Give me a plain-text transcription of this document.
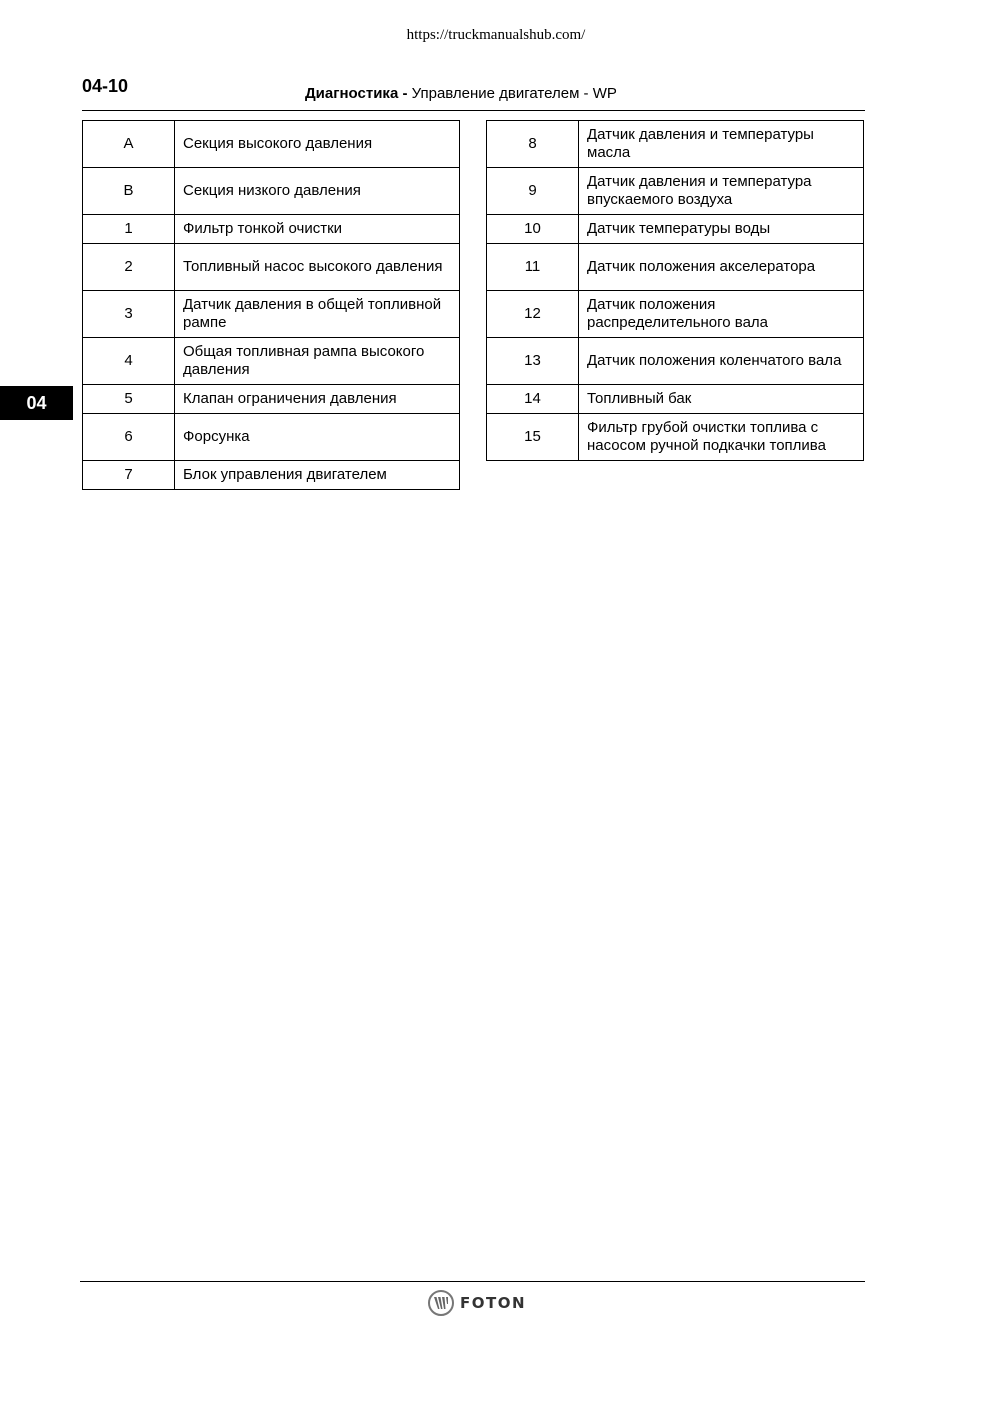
https://truckmanualshub.com/
04-10	Диагностика - Управление двигателем - WP
04
A	Секция высокого давления
B	Секция низкого давления
1	Фильтр тонкой очистки
2	Топливный насос высокого давления
3	Датчик давления в общей топливной рампе
4	Общая топливная рампа высокого давления
5	Клапан ограничения давления
6	Форсунка
7	Блок управления двигателем
8	Датчик давления и температуры масла
9	Датчик давления и температура впускаемого воздуха
10	Датчик температуры воды
11	Датчик положения акселератора
12	Датчик положения распределительного вала
13	Датчик положения коленчатого вала
14	Топливный бак
15	Фильтр грубой очистки топлива с насосом ручной подкачки топлива
FOTON
